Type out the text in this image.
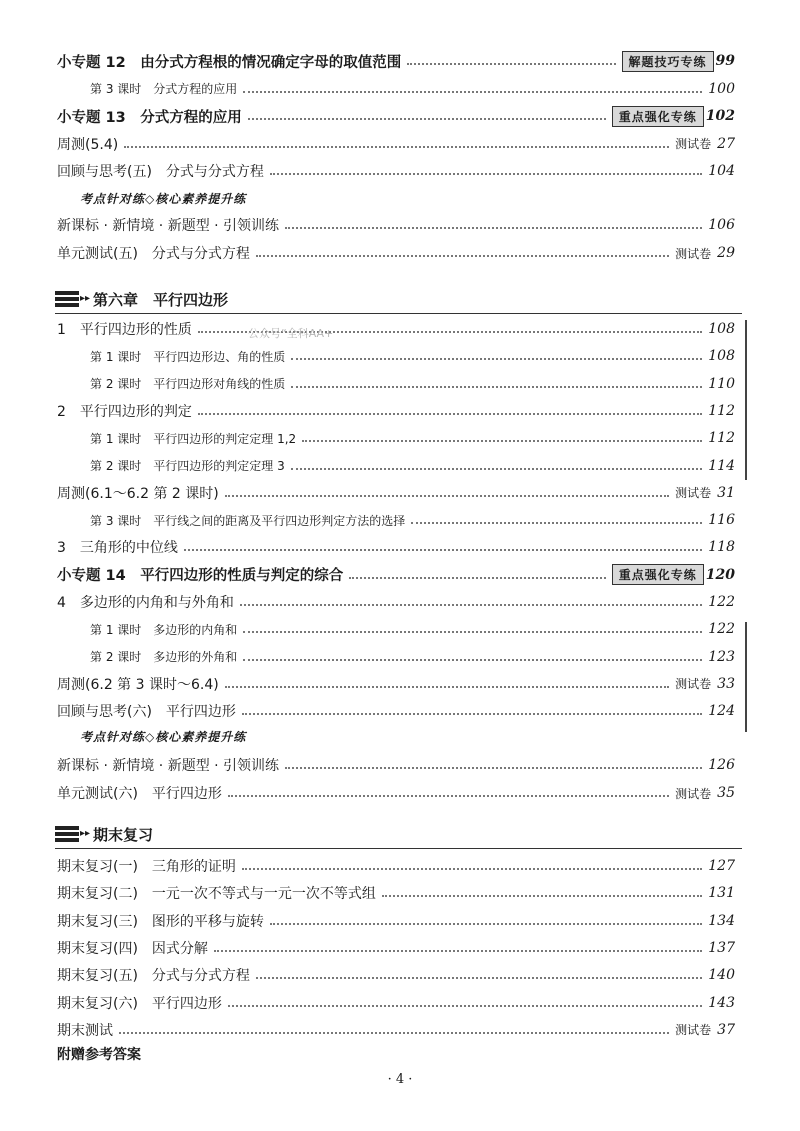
小专题 12　由分式方程根的情况确定字母的取值范围	解题技巧专练 99
第 3 课时　分式方程的应用	100
小专题 13　分式方程的应用	重点强化专练 102
周测(5.4)	测试卷 27
回顾与思考(五)　分式与分式方程	104
新课标 · 新情境 · 新题型 · 引领训练	106
单元测试(五)　分式与分式方程	测试卷 29
1　平行四边形的性质	108
第 1 课时　平行四边形边、角的性质	108
第 2 课时　平行四边形对角线的性质	110
2　平行四边形的判定	112
第 1 课时　平行四边形的判定定理 1,2	112
第 2 课时　平行四边形的判定定理 3	114
周测(6.1～6.2 第 2 课时)	测试卷 31
第 3 课时　平行线之间的距离及平行四边形判定方法的选择	116
3　三角形的中位线	118
小专题 14　平行四边形的性质与判定的综合	重点强化专练 120
4　多边形的内角和与外角和	122
第 1 课时　多边形的内角和	122
第 2 课时　多边形的外角和	123
周测(6.2 第 3 课时～6.4)	测试卷 33
回顾与思考(六)　平行四边形	124
新课标 · 新情境 · 新题型 · 引领训练	126
单元测试(六)　平行四边形	测试卷 35
期末复习(一)　三角形的证明	127
期末复习(二)　一元一次不等式与一元一次不等式组	131
期末复习(三)　图形的平移与旋转	134
期末复习(四)　因式分解	137
期末复习(五)　分式与分式方程	140
期末复习(六)　平行四边形	143
期末测试	测试卷 37
考点针对练◇核心素养提升练
▸▸ 第六章　平行四边形
公众号“全科AA+
考点针对练◇核心素养提升练
▸▸ 期末复习
附赠参考答案
· 4 ·
